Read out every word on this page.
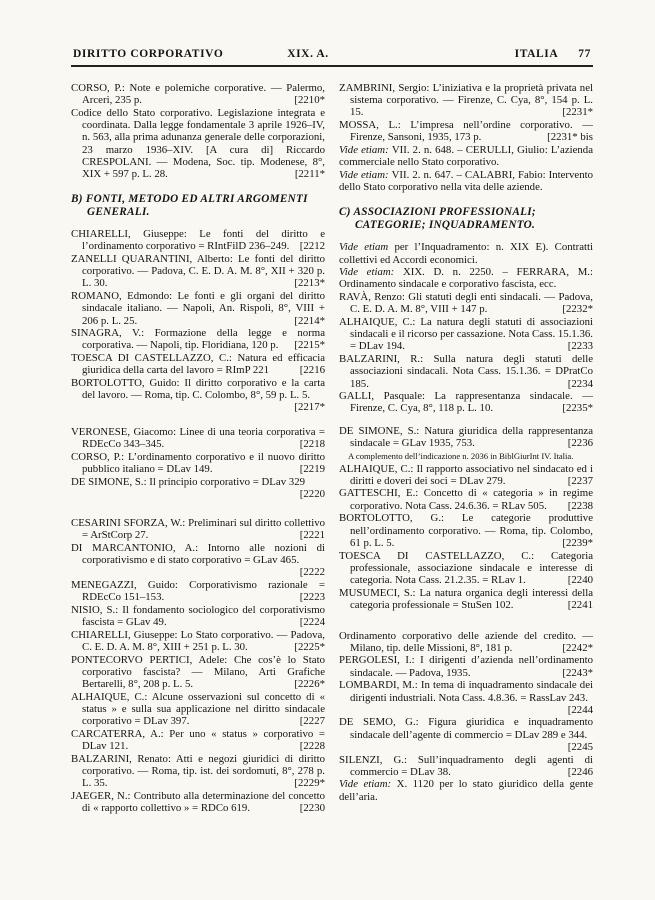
DIRITTO CORPORATIVO	XIX. A.	ITALIA 77
CORSO, P.: Note e polemiche corporative. — Palermo, Arceri, 235 p.	[2210*
Codice dello Stato corporativo. Legislazione integrata e coordinata. Dalla legge fondamentale 3 aprile 1926–IV, n. 563, alla prima adunanza generale delle corporazioni, 23 marzo 1936–XIV. [A cura di] Riccardo CRESPOLANI. — Modena, Soc. tip. Modenese, 8°, XIX + 597 p. L. 28.	[2211*
B) FONTI, METODO ED ALTRI ARGOMENTI GENERALI.
CHIARELLI, Giuseppe: Le fonti del diritto e l’ordinamento corporativo = RIntFilD 236–249. [2212
ZANELLI QUARANTINI, Alberto: Le fonti del diritto corporativo. — Padova, C. E. D. A. M. 8°, XII + 320 p. L. 30.	[2213*
ROMANO, Edmondo: Le fonti e gli organi del diritto sindacale italiano. — Napoli, An. Rispoli, 8°, VIII + 206 p. L. 25.	[2214*
SINAGRA, V.: Formazione della legge e norma corporativa. — Napoli, tip. Floridiana, 120 p.	[2215*
TOESCA DI CASTELLAZZO, C.: Natura ed efficacia giuridica della carta del lavoro = RImP 221	[2216
BORTOLOTTO, Guido: Il diritto corporativo e la carta del lavoro. — Roma, tip. C. Colombo, 8°, 59 p. L. 5.
[2217*
VERONESE, Giacomo: Linee di una teoria corporativa = RDEcCo 343–345.	[2218
CORSO, P.: L’ordinamento corporativo e il nuovo diritto pubblico italiano = DLav 149.	[2219
DE SIMONE, S.: Il principio corporativo = DLav 329
[2220
CESARINI SFORZA, W.: Preliminari sul diritto collettivo = ArStCorp 27.	[2221
DI MARCANTONIO, A.: Intorno alle nozioni di corporativismo e di stato corporativo = GLav 465.
[2222
MENEGAZZI, Guido: Corporativismo razionale = RDEcCo 151–153.	[2223
NISIO, S.: Il fondamento sociologico del corporativismo fascista = GLav 49.	[2224
CHIARELLI, Giuseppe: Lo Stato corporativo. — Padova, C. E. D. A. M. 8°, XIII + 251 p. L. 30.	[2225*
PONTECORVO PERTICI, Adele: Che cos’è lo Stato corporativo fascista? — Milano, Arti Grafiche Bertarelli, 8°, 208 p. L. 5.	[2226*
ALHAIQUE, C.: Alcune osservazioni sul concetto di « status » e sulla sua applicazione nel diritto sindacale corporativo = DLav 397.	[2227
CARCATERRA, A.: Per uno « status » corporativo = DLav 121.	[2228
BALZARINI, Renato: Atti e negozi giuridici di diritto corporativo. — Roma, tip. ist. dei sordomuti, 8°, 278 p. L. 35.	[2229*
JAEGER, N.: Contributo alla determinazione del concetto di « rapporto collettivo » = RDCo 619.	[2230
ZAMBRINI, Sergio: L’iniziativa e la proprietà privata nel sistema corporativo. — Firenze, C. Cya, 8°, 154 p. L. 15.	[2231*
MOSSA, L.: L’impresa nell’ordine corporativo. — Firenze, Sansoni, 1935, 173 p.	[2231* bis
Vide etiam: VII. 2. n. 648. – CERULLI, Giulio: L’azienda commerciale nello Stato corporativo.
Vide etiam: VII. 2. n. 647. – CALABRI, Fabio: Intervento dello Stato corporativo nella vita delle aziende.
C) ASSOCIAZIONI PROFESSIONALI; CATEGORIE; INQUADRAMENTO.
Vide etiam per l’Inquadramento: n. XIX E). Contratti collettivi ed Accordi economici.
Vide etiam: XIX. D. n. 2250. – FERRARA, M.: Ordinamento sindacale e corporativo fascista, ecc.
RAVÀ, Renzo: Gli statuti degli enti sindacali. — Padova, C. E. D. A. M. 8°, VIII + 147 p.	[2232*
ALHAIQUE, C.: La natura degli statuti di associazioni sindacali e il ricorso per cassazione. Nota Cass. 15.1.36. = DLav 194.	[2233
BALZARINI, R.: Sulla natura degli statuti delle associazioni sindacali. Nota Cass. 15.1.36. = DPratCo 185.	[2234
GALLI, Pasquale: La rappresentanza sindacale. — Firenze, C. Cya, 8°, 118 p. L. 10.	[2235*
DE SIMONE, S.: Natura giuridica della rappresentanza sindacale = GLav 1935, 753.	[2236
A complemento dell’indicazione n. 2036 in BiblGiurInt IV. Italia.
ALHAIQUE, C.: Il rapporto associativo nel sindacato ed i diritti e doveri dei soci = DLav 279.	[2237
GATTESCHI, E.: Concetto di « categoria » in regime corporativo. Nota Cass. 24.6.36. = RLav 505.	[2238
BORTOLOTTO, G.: Le categorie produttive nell’ordinamento corporativo. — Roma, tip. Colombo, 61 p. L. 5.	[2239*
TOESCA DI CASTELLAZZO, C.: Categoria professionale, associazione sindacale e interesse di categoria. Nota Cass. 21.2.35. = RLav 1.	[2240
MUSUMECI, S.: La natura organica degli interessi della categoria professionale = StuSen 102.	[2241
Ordinamento corporativo delle aziende del credito. — Milano, tip. delle Missioni, 8°, 181 p.	[2242*
PERGOLESI, I.: I dirigenti d’azienda nell’ordinamento sindacale. — Padova, 1935.	[2243*
LOMBARDI, M.: In tema di inquadramento sindacale dei dirigenti industriali. Nota Cass. 4.8.36. = RassLav 243.
[2244
DE SEMO, G.: Figura giuridica e inquadramento sindacale dell’agente di commercio = DLav 289 e 344.
[2245
SILENZI, G.: Sull’inquadramento degli agenti di commercio = DLav 38.	[2246
Vide etiam: X. 1120 per lo stato giuridico della gente dell’aria.
